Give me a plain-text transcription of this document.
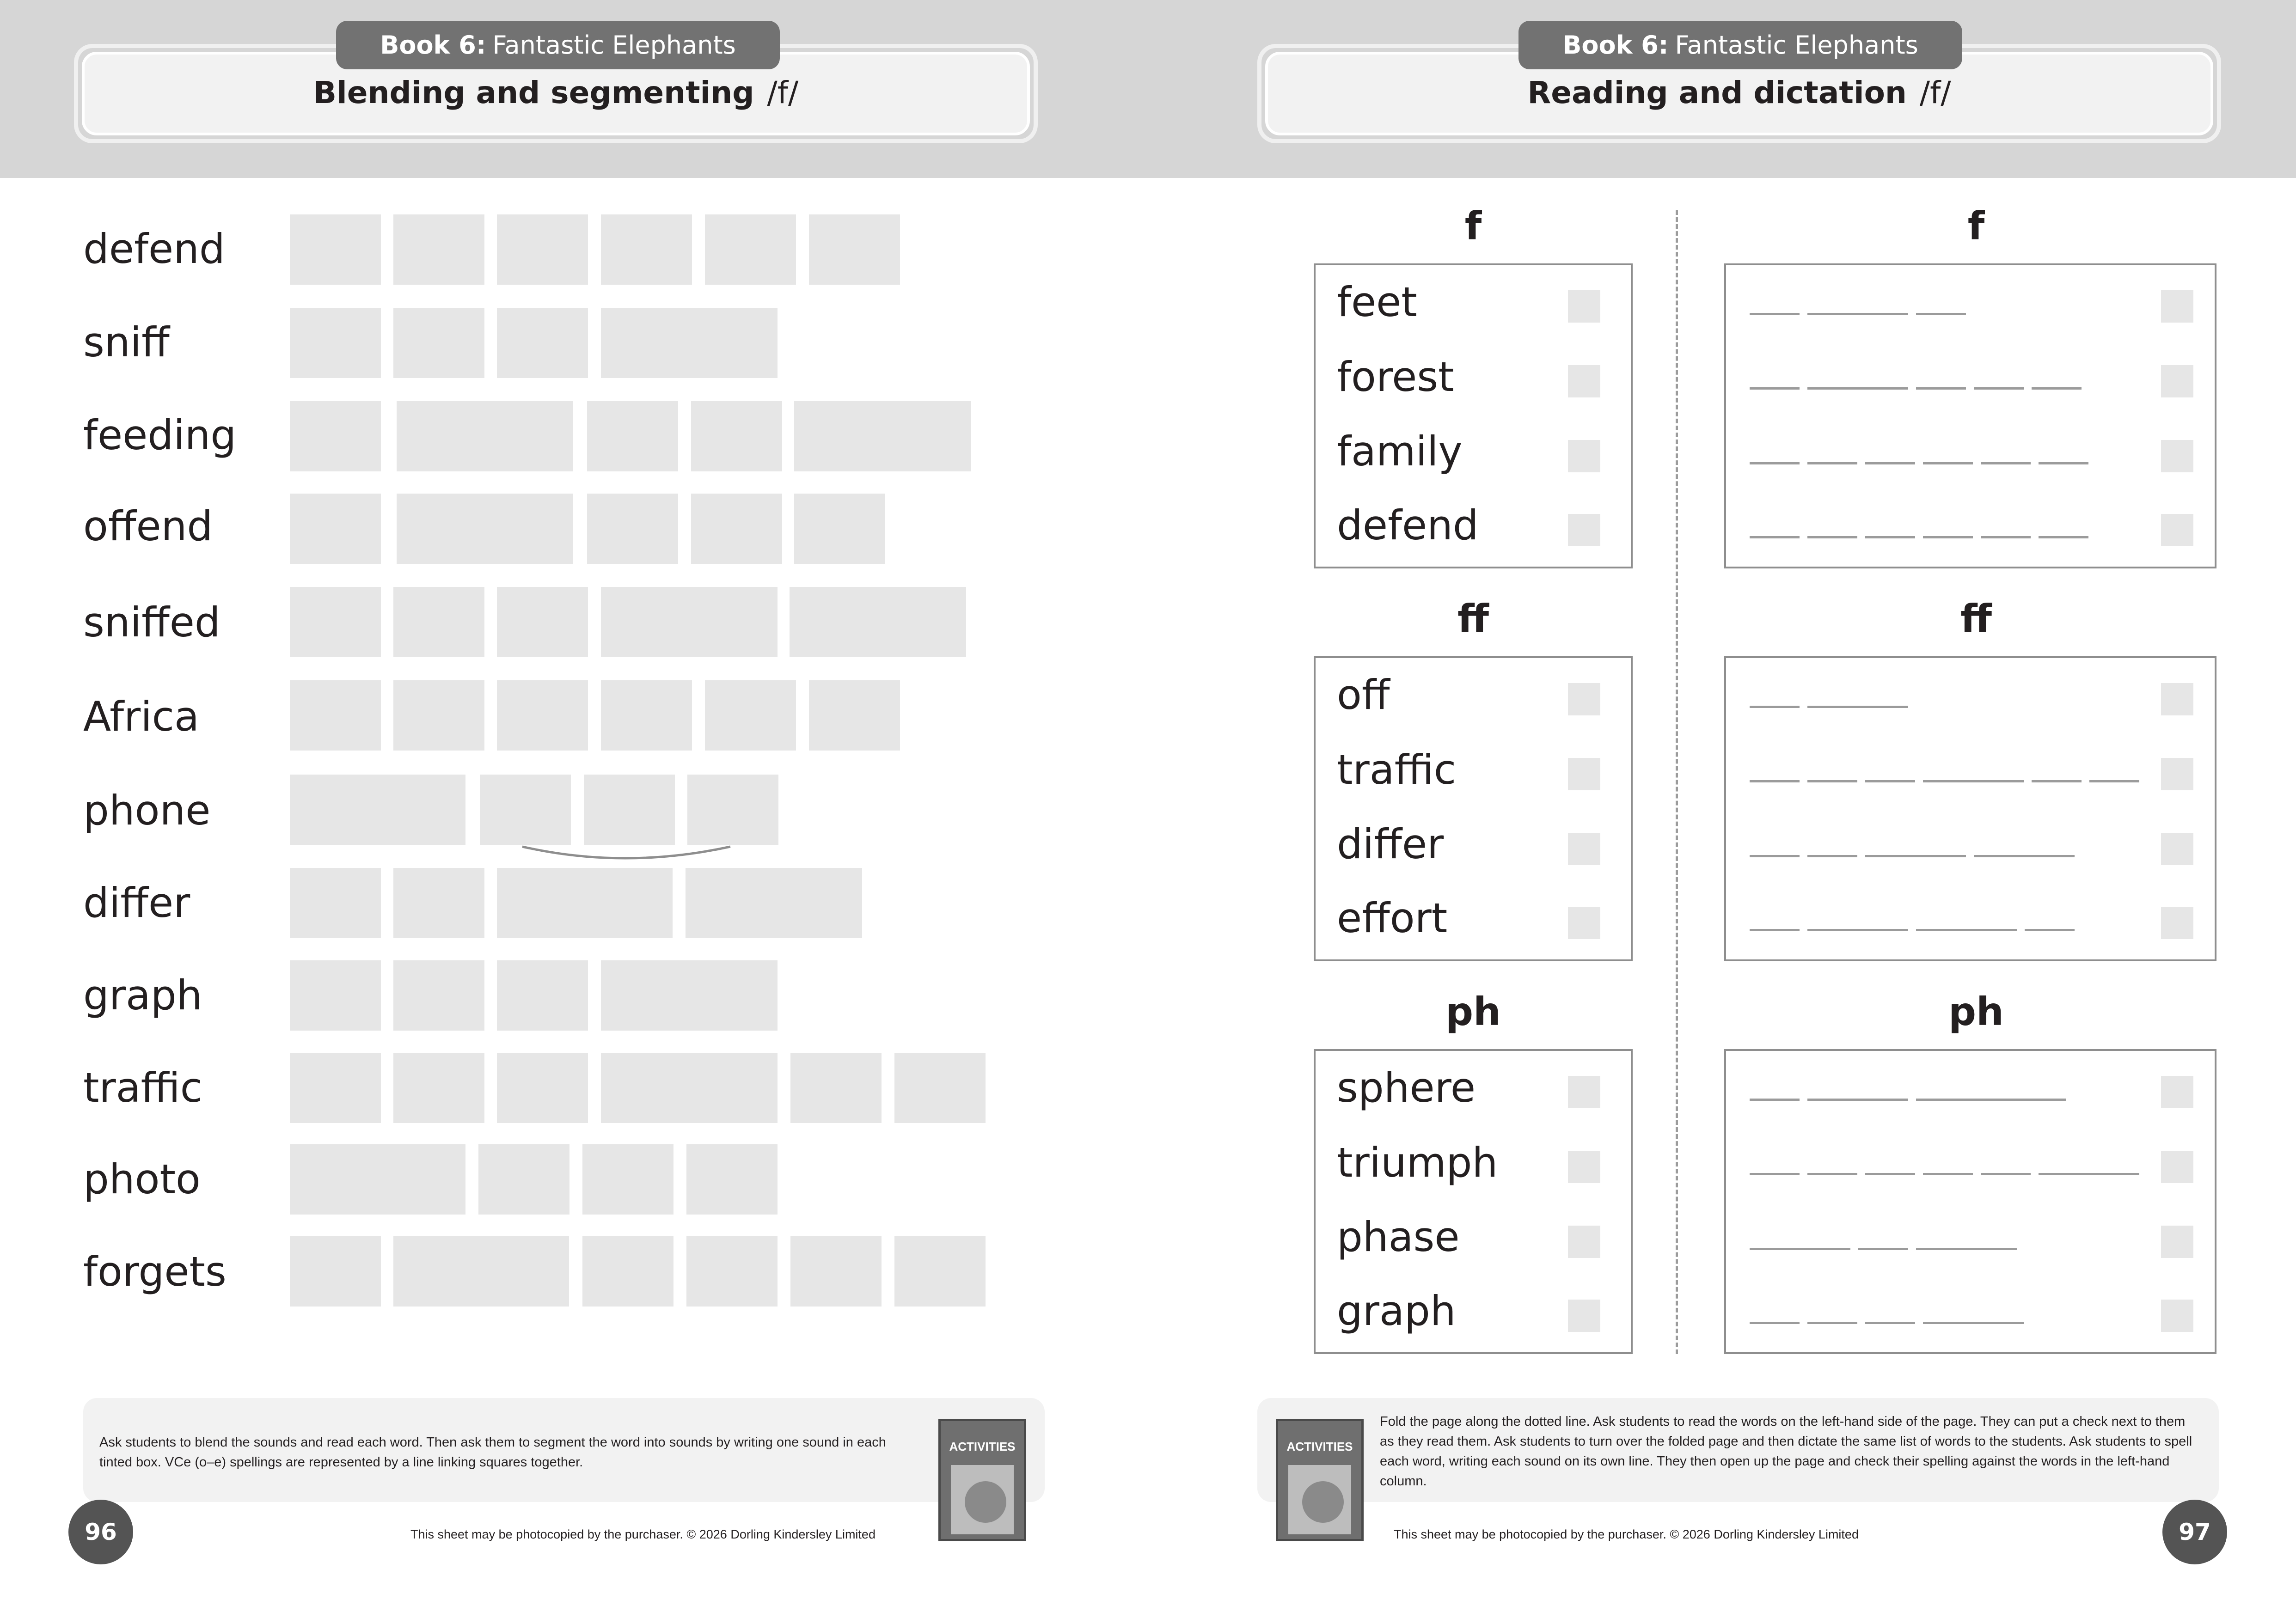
Book 6: Fantastic Elephants
Blending and segmenting /f/
Book 6: Fantastic Elephants
Reading and dictation /f/
defend
sniff
feeding
offend
sniffed
Africa
phone
differ
graph
traffic
photo
forgets
f	f
ff	ff
ph	ph
feet
forest
family
defend
off
traffic
differ
effort
sphere
triumph
phase
graph
Ask students to blend the sounds and read each word. Then ask them to segment the word into sounds by writing one sound in each tinted box. VCe (o–e) spellings are represented by a line linking squares together.
ACTIVITIES
Fold the page along the dotted line. Ask students to read the words on the left-hand side of the page. They can put a check next to them as they read them. Ask students to turn over the folded page and then dictate the same list of words to the students. Ask students to spell each word, writing each sound on its own line. They then open up the page and check their spelling against the words in the left-hand column.
ACTIVITIES
96	This sheet may be photocopied by the purchaser. © 2026 Dorling Kindersley Limited	97
This sheet may be photocopied by the purchaser. © 2026 Dorling Kindersley Limited
